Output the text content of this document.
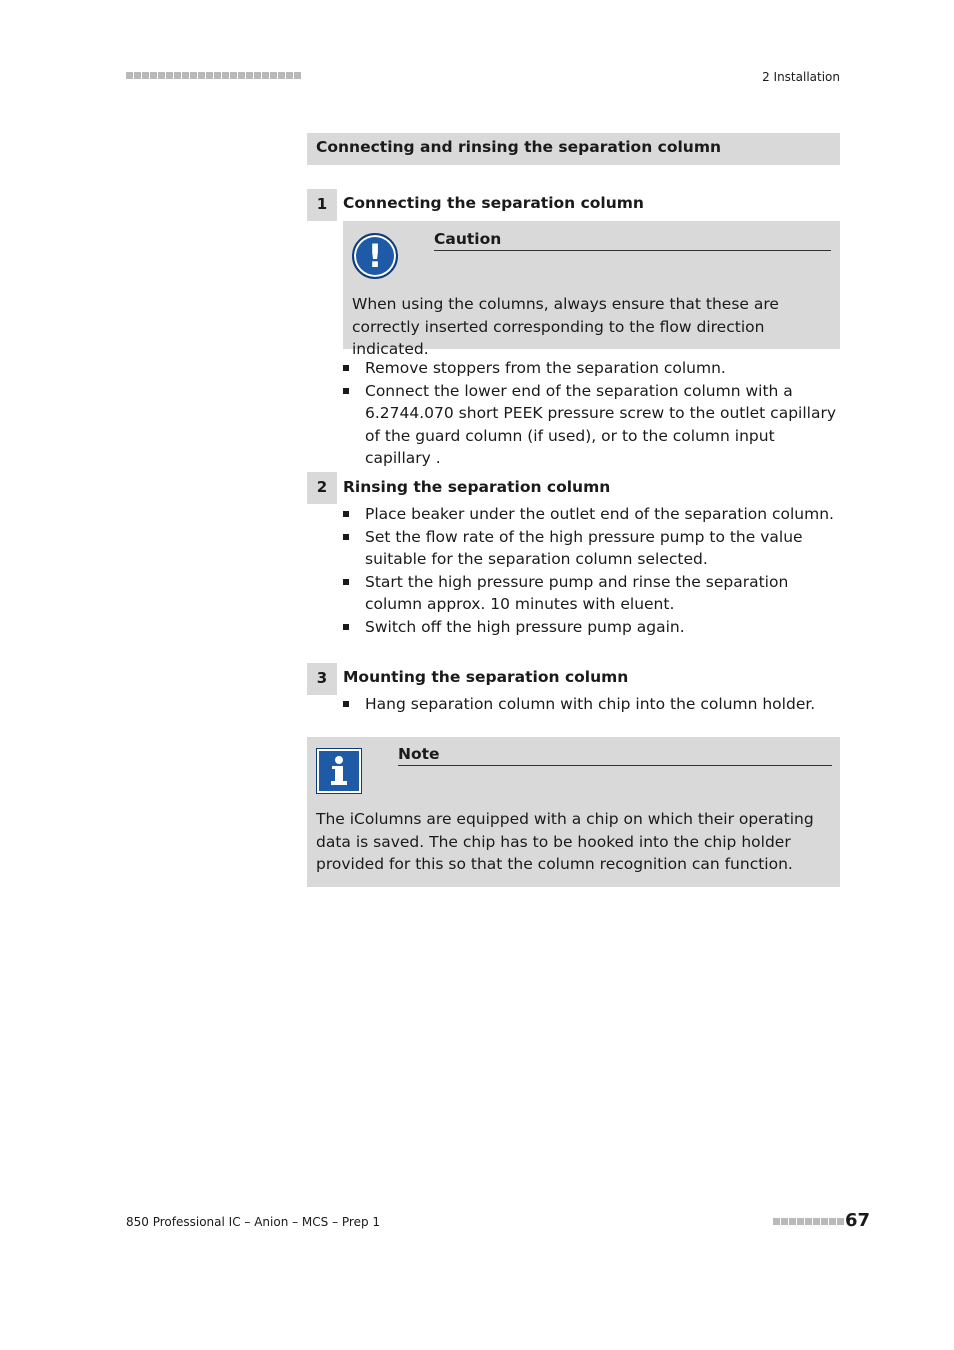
2 Installation
Connecting and rinsing the separation column
1	Connecting the separation column
!	Caution
When using the columns, always ensure that these are correctly inserted corresponding to the flow direction indicated.
Remove stoppers from the separation column.
Connect the lower end of the separation column with a 6.2744.070 short PEEK pressure screw to the outlet capillary of the guard column (if used), or to the column input capillary .
2	Rinsing the separation column
Place beaker under the outlet end of the separation column.
Set the flow rate of the high pressure pump to the value suitable for the separation column selected.
Start the high pressure pump and rinse the separation column approx. 10 minutes with eluent.
Switch off the high pressure pump again.
3	Mounting the separation column
Hang separation column with chip into the column holder.
Note
The iColumns are equipped with a chip on which their operating data is saved. The chip has to be hooked into the chip holder provided for this so that the column recognition can function.
850 Professional IC – Anion – MCS – Prep 1	67
